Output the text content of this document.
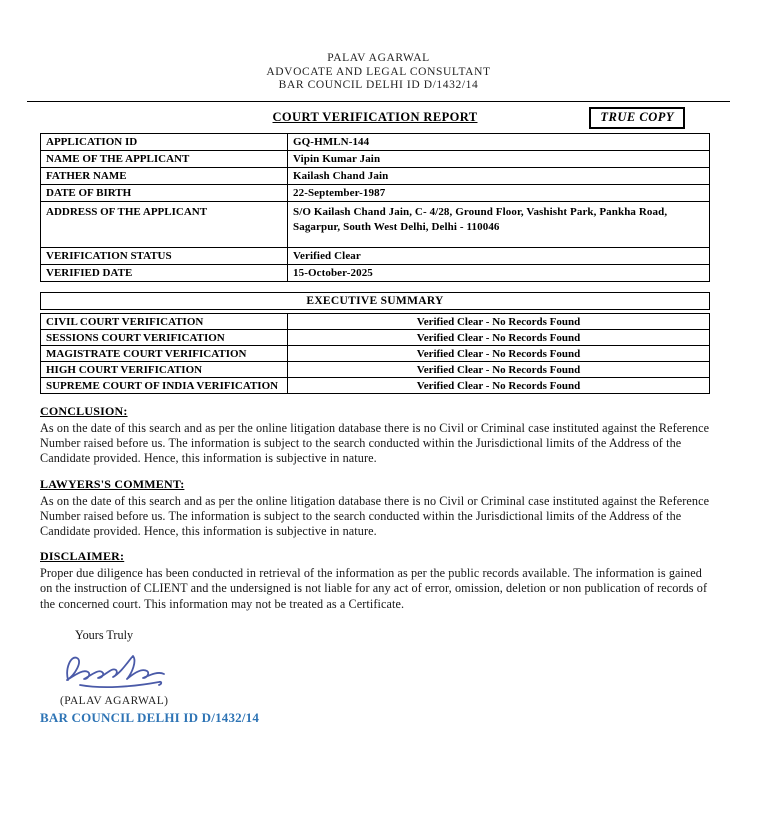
TRUE COPY
PALAV AGARWAL
ADVOCATE AND LEGAL CONSULTANT
BAR COUNCIL DELHI ID D/1432/14
COURT VERIFICATION REPORT
APPLICATION ID	GQ-HMLN-144
NAME OF THE APPLICANT	Vipin Kumar Jain
FATHER NAME	Kailash Chand Jain
DATE OF BIRTH	22-September-1987
ADDRESS OF THE APPLICANT	S/O Kailash Chand Jain, C- 4/28, Ground Floor, Vashisht Park, Pankha Road, Sagarpur, South West Delhi, Delhi - 110046
VERIFICATION STATUS	Verified Clear
VERIFIED DATE	15-October-2025
EXECUTIVE SUMMARY
CIVIL COURT VERIFICATION	Verified Clear - No Records Found
SESSIONS COURT VERIFICATION	Verified Clear - No Records Found
MAGISTRATE COURT VERIFICATION	Verified Clear - No Records Found
HIGH COURT VERIFICATION	Verified Clear - No Records Found
SUPREME COURT OF INDIA VERIFICATION	Verified Clear - No Records Found
CONCLUSION:
As on the date of this search and as per the online litigation database there is no Civil or Criminal case instituted against the Reference Number raised before us. The information is subject to the search conducted within the Jurisdictional limits of the Address of the Candidate provided. Hence, this information is subjective in nature.
LAWYERS'S COMMENT:
As on the date of this search and as per the online litigation database there is no Civil or Criminal case instituted against the Reference Number raised before us. The information is subject to the search conducted within the Jurisdictional limits of the Address of the Candidate provided. Hence, this information is subjective in nature.
DISCLAIMER:
Proper due diligence has been conducted in retrieval of the information as per the public records available. The information is gained on the instruction of CLIENT and the undersigned is not liable for any act of error, omission, deletion or non publication of records of the concerned court. This information may not be treated as a Certificate.
Yours Truly
(PALAV AGARWAL)
BAR COUNCIL DELHI ID D/1432/14
